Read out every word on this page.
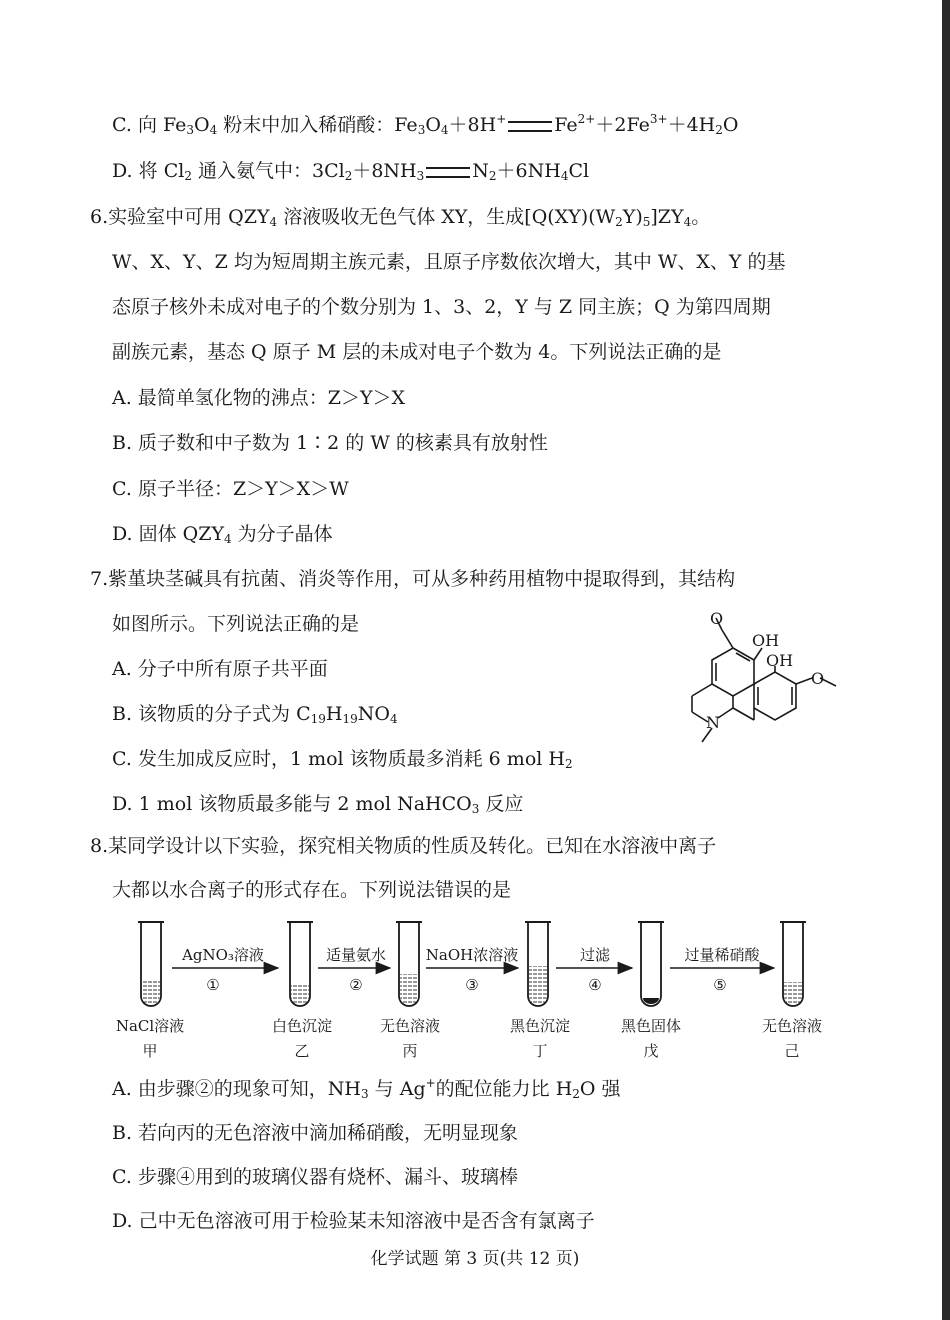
C. 向 $Fe_3O_4$ 粉末中加入稀硝酸：$Fe_3O_4+8H^+$	$Fe^{2+}+2Fe^{3+}+4H_2O$
D. 将 $Cl_2$ 通入氨气中：$3Cl_2+8NH_3$	$N_2+6NH_4Cl$
6.实验室中可用 $QZY_4$ 溶液吸收无色气体 XY，生成$[Q(XY)(W_2Y)_5]ZY_4$。
W、X、Y、Z 均为短周期主族元素，且原子序数依次增大，其中 W、X、Y 的基
态原子核外未成对电子的个数分别为 1、3、2，Y 与 Z 同主族；Q 为第四周期
副族元素，基态 Q 原子 M 层的未成对电子个数为 4。下列说法正确的是
A. 最简单氢化物的沸点：Z＞Y＞X
B. 质子数和中子数为 1∶2 的 W 的核素具有放射性
C. 原子半径：Z＞Y＞X＞W
D. 固体 $QZY_4$ 为分子晶体
7.紫堇块茎碱具有抗菌、消炎等作用，可从多种药用植物中提取得到，其结构
如图所示。下列说法正确的是
A. 分子中所有原子共平面
B. 该物质的分子式为 $C_{19}H_{19}NO_4$
C. 发生加成反应时，1 mol 该物质最多消耗 6 mol $H_2$
D. 1 mol 该物质最多能与 2 mol NaHCO$_3$ 反应
O
OH
OH
O
N
8.某同学设计以下实验，探究相关物质的性质及转化。已知在水溶液中离子
大都以水合离子的形式存在。下列说法错误的是
AgNO₃溶液
①
适量氨水
②
NaOH浓溶液
③
过滤
④
过量稀硝酸
⑤
NaCl溶液
甲
白色沉淀
乙
无色溶液
丙
黑色沉淀
丁
黑色固体
戊
无色溶液
己
A. 由步骤②的现象可知，$NH_3$ 与 Ag+的配位能力比 $H_2O$ 强
B. 若向丙的无色溶液中滴加稀硝酸，无明显现象
C. 步骤④用到的玻璃仪器有烧杯、漏斗、玻璃棒
D. 己中无色溶液可用于检验某未知溶液中是否含有氯离子
化学试题 第 3 页(共 12 页)
